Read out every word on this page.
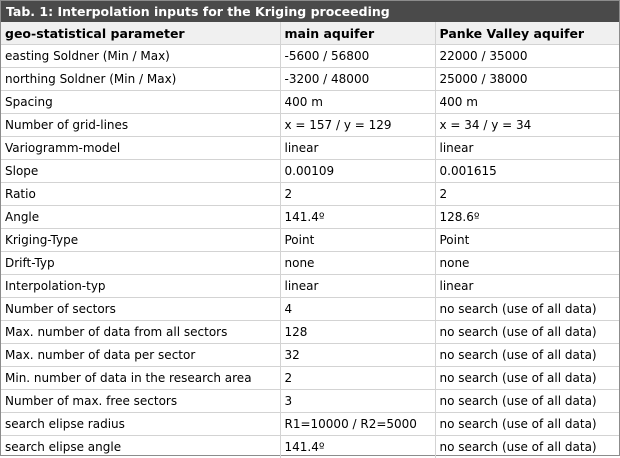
Tab. 1: Interpolation inputs for the Kriging proceeding
geo-statistical parameter	main aquifer	Panke Valley aquifer
easting Soldner (Min / Max)	-5600 / 56800	22000 / 35000
northing Soldner (Min / Max)	-3200 / 48000	25000 / 38000
Spacing	400 m	400 m
Number of grid-lines	x = 157 / y = 129	x = 34 / y = 34
Variogramm-model	linear	linear
Slope	0.00109	0.001615
Ratio	2	2
Angle	141.4º	128.6º
Kriging-Type	Point	Point
Drift-Typ	none	none
Interpolation-typ	linear	linear
Number of sectors	4	no search (use of all data)
Max. number of data from all sectors	128	no search (use of all data)
Max. number of data per sector	32	no search (use of all data)
Min. number of data in the research area	2	no search (use of all data)
Number of max. free sectors	3	no search (use of all data)
search elipse radius	R1=10000 / R2=5000	no search (use of all data)
search elipse angle	141.4º	no search (use of all data)
